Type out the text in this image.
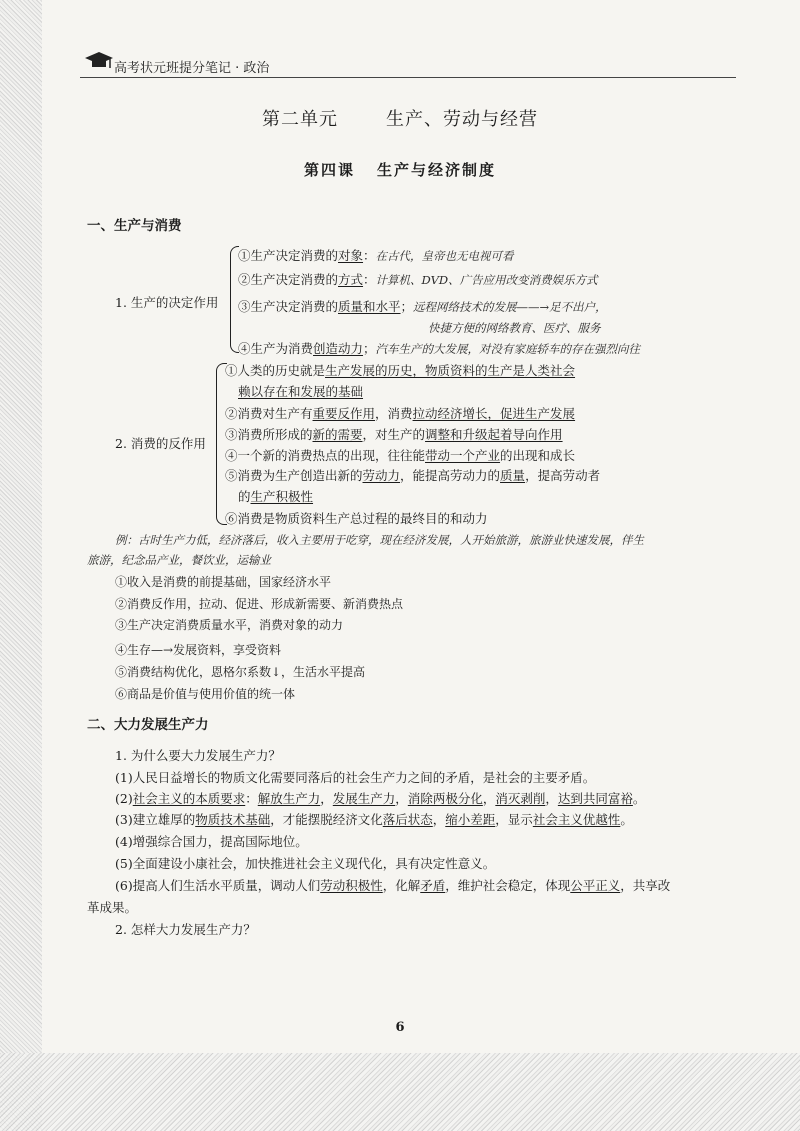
高考状元班提分笔记 · 政治
第二单元	生产、劳动与经营
第四课 生产与经济制度
一、生产与消费
1. 生产的决定作用
①生产决定消费的对象：在古代，皇帝也无电视可看
②生产决定消费的方式：计算机、DVD、广告应用改变消费娱乐方式
③生产决定消费的质量和水平；远程网络技术的发展——→足不出户，
快捷方便的网络教育、医疗、服务
④生产为消费创造动力；汽车生产的大发展，对没有家庭轿车的存在强烈向往
2. 消费的反作用
①人类的历史就是生产发展的历史，物质资料的生产是人类社会
赖以存在和发展的基础
②消费对生产有重要反作用，消费拉动经济增长，促进生产发展
③消费所形成的新的需要，对生产的调整和升级起着导向作用
④一个新的消费热点的出现，往往能带动一个产业的出现和成长
⑤消费为生产创造出新的劳动力，能提高劳动力的质量，提高劳动者
的生产积极性
⑥消费是物质资料生产总过程的最终目的和动力
例：古时生产力低，经济落后，收入主要用于吃穿，现在经济发展，人开始旅游，旅游业快速发展，伴生
旅游，纪念品产业，餐饮业，运输业
①收入是消费的前提基础，国家经济水平
②消费反作用，拉动、促进、形成新需要、新消费热点
③生产决定消费质量水平，消费对象的动力
④生存—→发展资料，享受资料
⑤消费结构优化，恩格尔系数↓，生活水平提高
⑥商品是价值与使用价值的统一体
二、大力发展生产力
1. 为什么要大力发展生产力？
(1)人民日益增长的物质文化需要同落后的社会生产力之间的矛盾，是社会的主要矛盾。
(2)社会主义的本质要求：解放生产力，发展生产力，消除两极分化，消灭剥削，达到共同富裕。
(3)建立雄厚的物质技术基础，才能摆脱经济文化落后状态，缩小差距，显示社会主义优越性。
(4)增强综合国力，提高国际地位。
(5)全面建设小康社会，加快推进社会主义现代化，具有决定性意义。
(6)提高人们生活水平质量，调动人们劳动积极性，化解矛盾，维护社会稳定，体现公平正义，共享改
革成果。
2. 怎样大力发展生产力？
6
